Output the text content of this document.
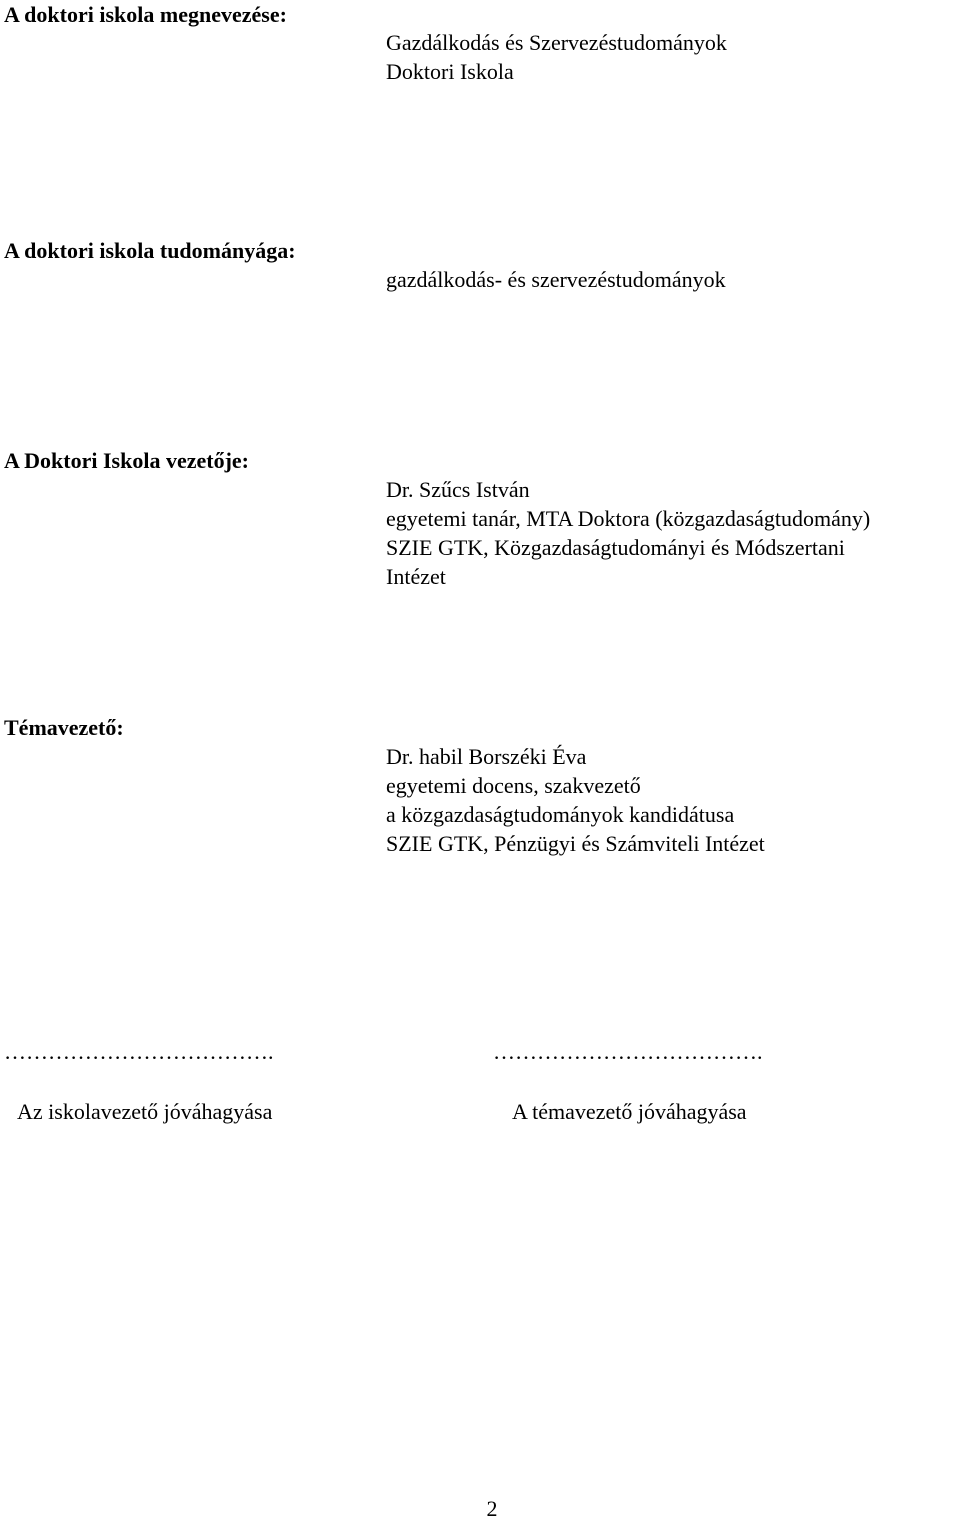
A doktori iskola megnevezése:
Gazdálkodás és Szervezéstudományok
Doktori Iskola
A doktori iskola tudományága:
gazdálkodás- és szervezéstudományok
A Doktori Iskola vezetője:
Dr. Szűcs István
egyetemi tanár, MTA Doktora (közgazdaságtudomány)
SZIE GTK, Közgazdaságtudományi és Módszertani
Intézet
Témavezető:
Dr. habil Borszéki Éva
egyetemi docens, szakvezető
a közgazdaságtudományok kandidátusa
SZIE GTK, Pénzügyi és Számviteli Intézet
……………………………….	……………………………….
Az iskolavezető jóváhagyása	A témavezető jóváhagyása
2
